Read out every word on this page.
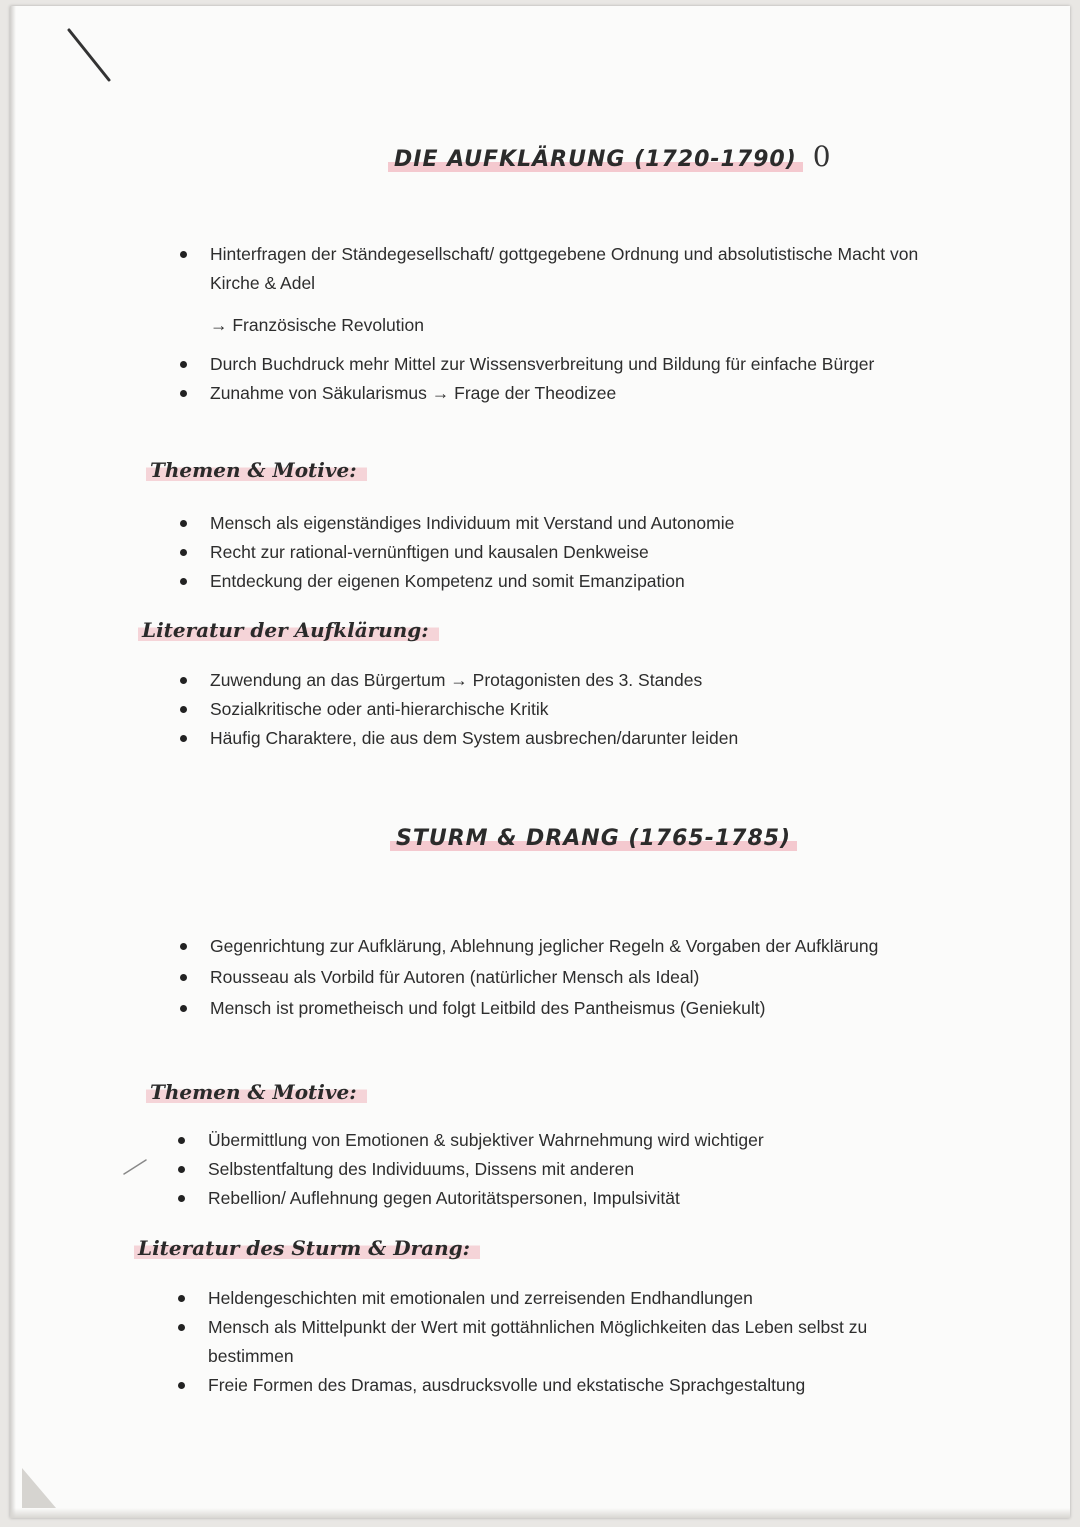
DIE AUFKLÄRUNG (1720-1790) 0
Hinterfragen der Ständegesellschaft/ gottgegebene Ordnung und absolutistische Macht von Kirche & Adel
→ Französische Revolution
Durch Buchdruck mehr Mittel zur Wissensverbreitung und Bildung für einfache Bürger
Zunahme von Säkularismus → Frage der Theodizee
Themen & Motive:
Mensch als eigenständiges Individuum mit Verstand und Autonomie
Recht zur rational-vernünftigen und kausalen Denkweise
Entdeckung der eigenen Kompetenz und somit Emanzipation
Literatur der Aufklärung:
Zuwendung an das Bürgertum → Protagonisten des 3. Standes
Sozialkritische oder anti-hierarchische Kritik
Häufig Charaktere, die aus dem System ausbrechen/darunter leiden
STURM & DRANG (1765-1785)
Gegenrichtung zur Aufklärung, Ablehnung jeglicher Regeln & Vorgaben der Aufklärung
Rousseau als Vorbild für Autoren (natürlicher Mensch als Ideal)
Mensch ist prometheisch und folgt Leitbild des Pantheismus (Geniekult)
Themen & Motive:
Übermittlung von Emotionen & subjektiver Wahrnehmung wird wichtiger
Selbstentfaltung des Individuums, Dissens mit anderen
Rebellion/ Auflehnung gegen Autoritätspersonen, Impulsivität
Literatur des Sturm & Drang:
Heldengeschichten mit emotionalen und zerreisenden Endhandlungen
Mensch als Mittelpunkt der Wert mit gottähnlichen Möglichkeiten das Leben selbst zu bestimmen
Freie Formen des Dramas, ausdrucksvolle und ekstatische Sprachgestaltung
